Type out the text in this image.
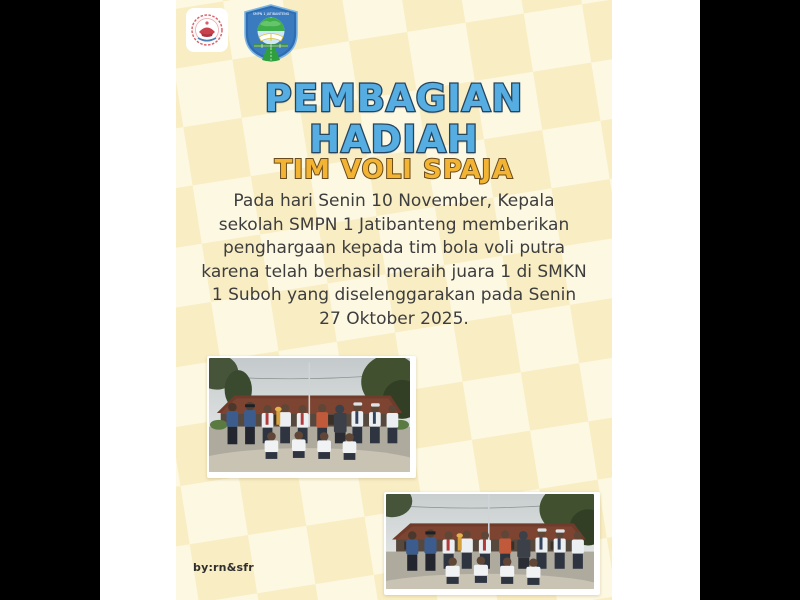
SMPN 1 JATIBANTENG
PEMBAGIAN
HADIAH
TIM VOLI SPAJA
Pada hari Senin 10 November, Kepala
sekolah SMPN 1 Jatibanteng memberikan
penghargaan kepada tim bola voli putra
karena telah berhasil meraih juara 1 di SMKN
1 Suboh yang diselenggarakan pada Senin
27 Oktober 2025.
by:rn&sfr
